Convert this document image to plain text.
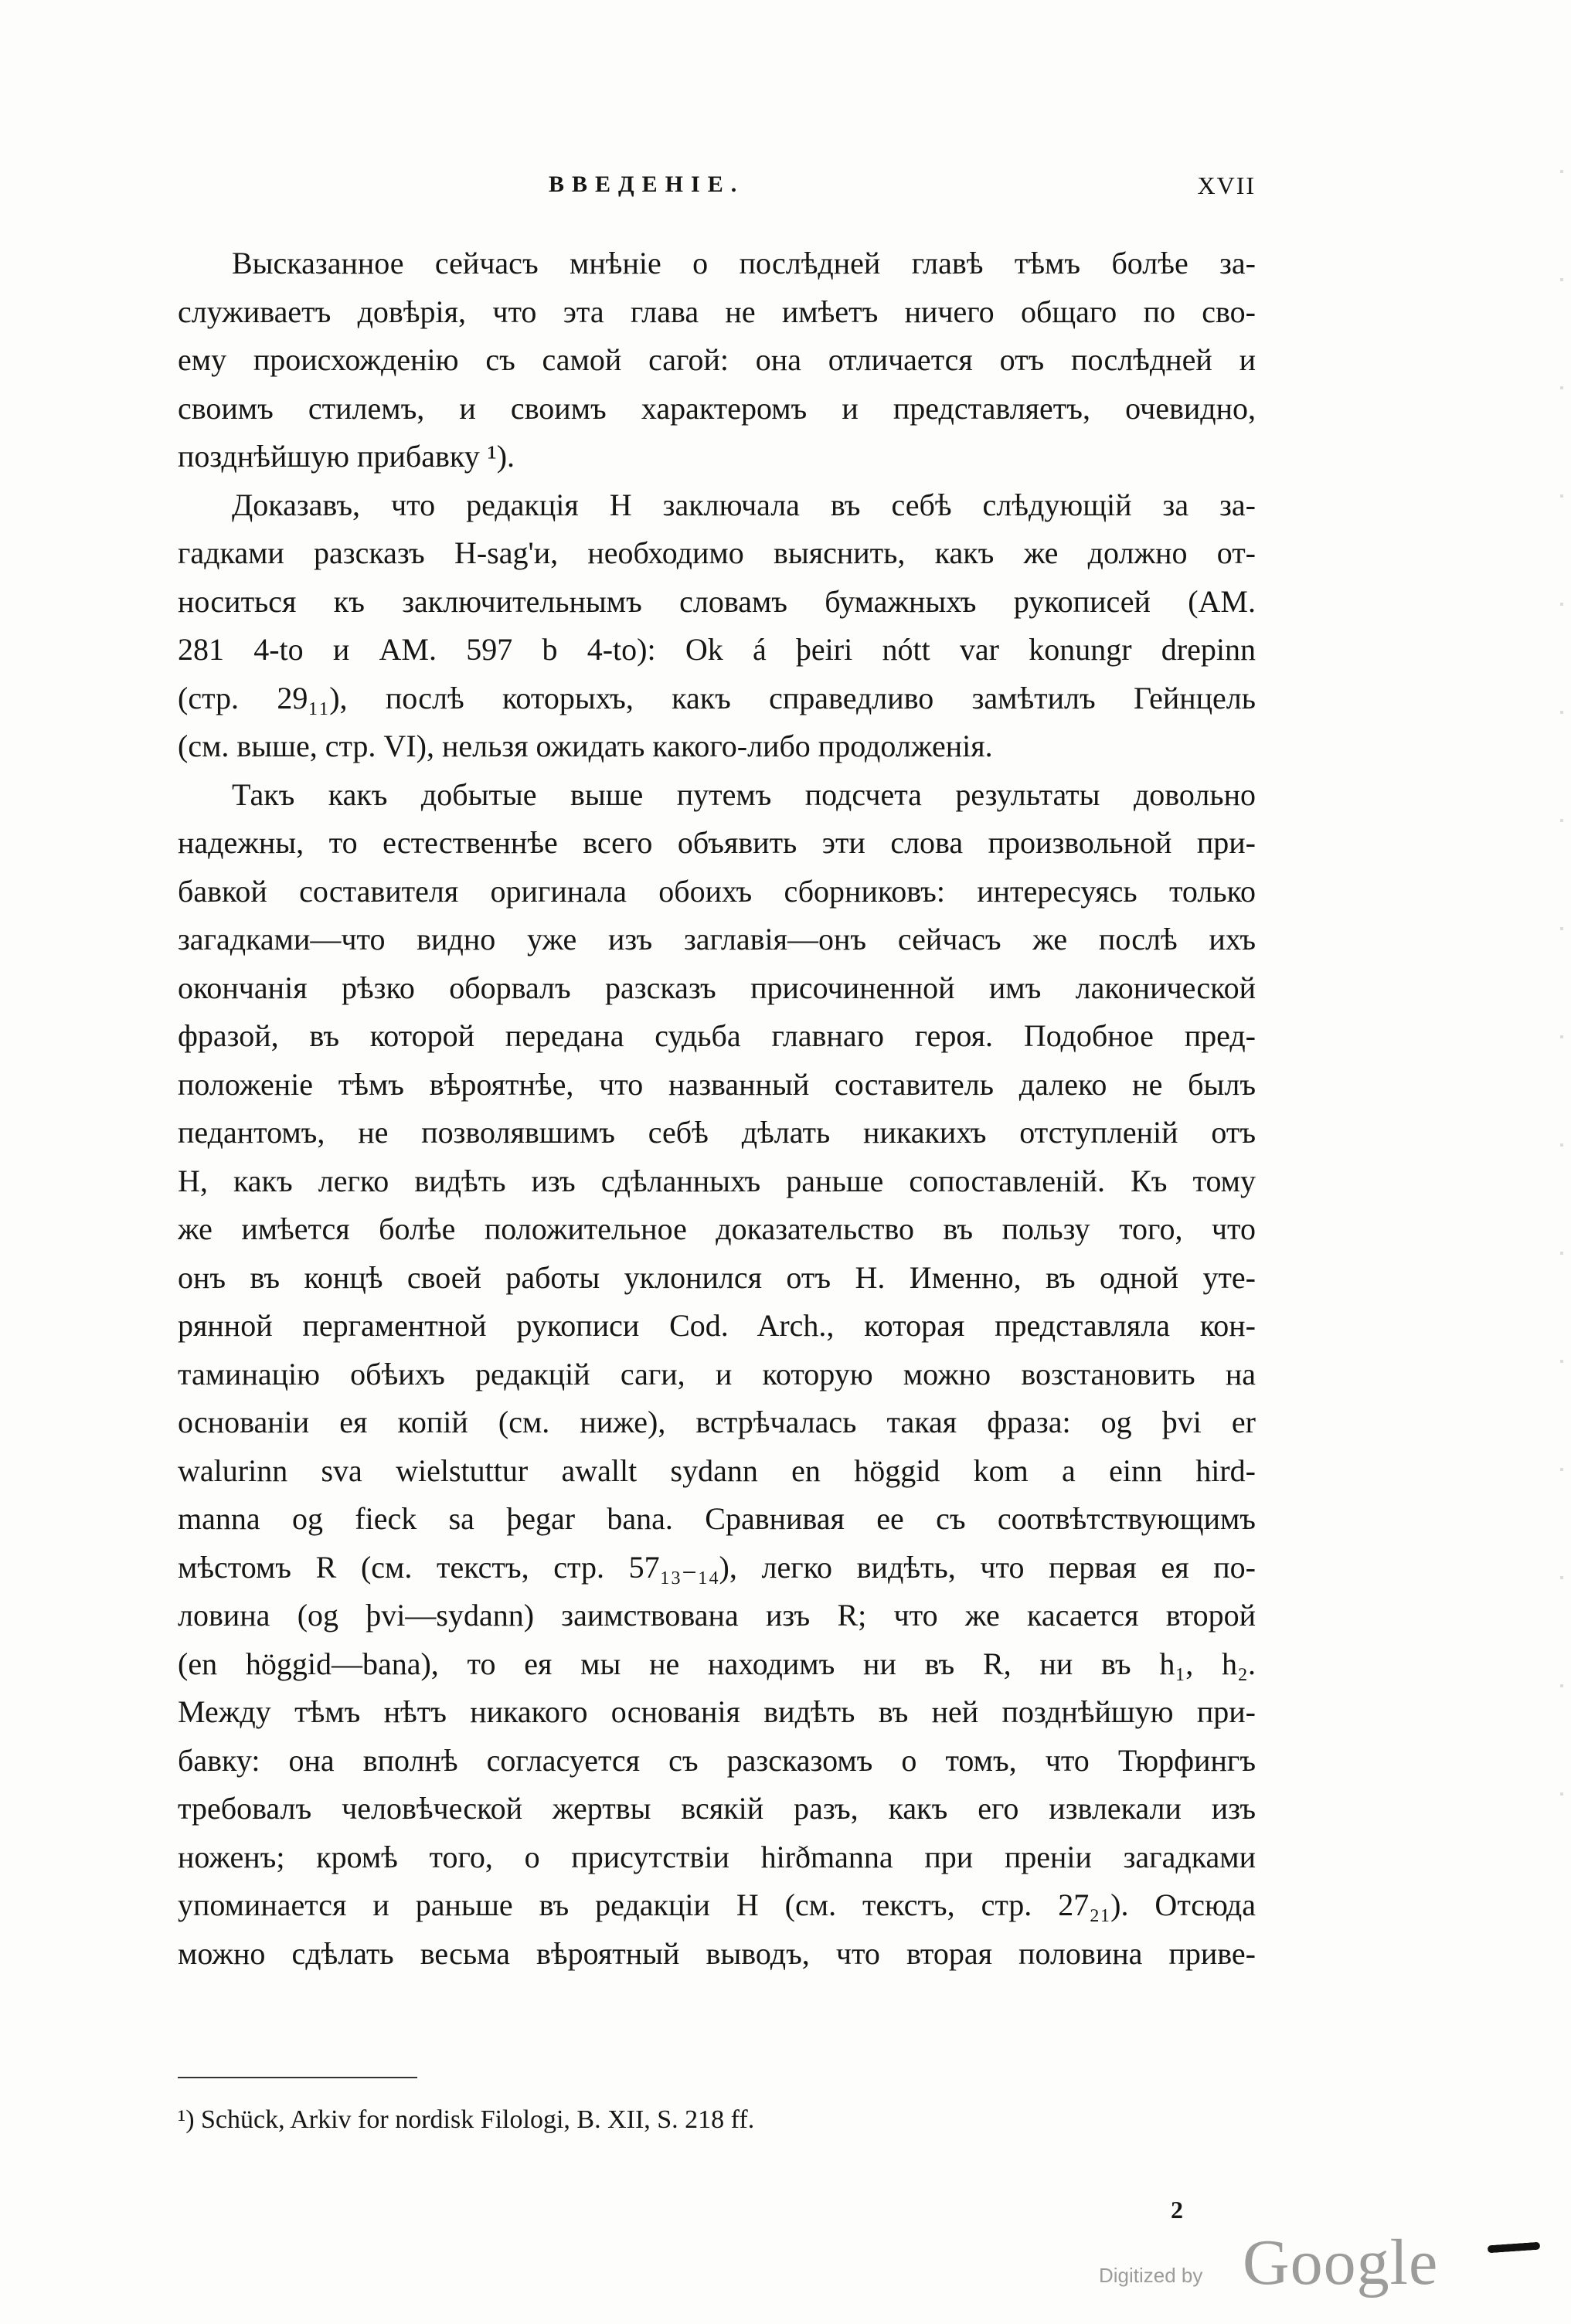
ВВЕДЕНІЕ.	XVII
Высказанное сейчасъ мнѣніе о послѣдней главѣ тѣмъ болѣе за-
служиваетъ довѣрія, что эта глава не имѣетъ ничего общаго по сво-
ему происхожденію съ самой сагой: она отличается отъ послѣдней и
своимъ стилемъ, и своимъ характеромъ и представляетъ, очевидно,
позднѣйшую прибавку ¹).
Доказавъ, что редакція H заключала въ себѣ слѣдующій за за-
гадками разсказъ H-sag'и, необходимо выяснить, какъ же должно от-
носиться къ заключительнымъ словамъ бумажныхъ рукописей (AM.
281 4-to и AM. 597 b 4-to): Ok á þeiri nótt var konungr drepinn
(стр. 29₁₁), послѣ которыхъ, какъ справедливо замѣтилъ Гейнцель
(см. выше, стр. VI), нельзя ожидать какого-либо продолженія.
Такъ какъ добытые выше путемъ подсчета результаты довольно
надежны, то естественнѣе всего объявить эти слова произвольной при-
бавкой составителя оригинала обоихъ сборниковъ: интересуясь только
загадками—что видно уже изъ заглавія—онъ сейчасъ же послѣ ихъ
окончанія рѣзко оборвалъ разсказъ присочиненной имъ лаконической
фразой, въ которой передана судьба главнаго героя. Подобное пред-
положеніе тѣмъ вѣроятнѣе, что названный составитель далеко не былъ
педантомъ, не позволявшимъ себѣ дѣлать никакихъ отступленій отъ
H, какъ легко видѣть изъ сдѣланныхъ раньше сопоставленій. Къ тому
же имѣется болѣе положительное доказательство въ пользу того, что
онъ въ концѣ своей работы уклонился отъ H. Именно, въ одной уте-
рянной пергаментной рукописи Cod. Arch., которая представляла кон-
таминацію обѣихъ редакцій саги, и которую можно возстановить на
основаніи ея копій (см. ниже), встрѣчалась такая фраза: og þvi er
walurinn sva wielstuttur awallt sydann en höggid kom a einn hird-
manna og fieck sa þegar bana. Сравнивая ее съ соотвѣтствующимъ
мѣстомъ R (см. текстъ, стр. 57₁₃₋₁₄), легко видѣть, что первая ея по-
ловина (og þvi—sydann) заимствована изъ R; что же касается второй
(en höggid—bana), то ея мы не находимъ ни въ R, ни въ h₁, h₂.
Между тѣмъ нѣтъ никакого основанія видѣть въ ней позднѣйшую при-
бавку: она вполнѣ согласуется съ разсказомъ о томъ, что Тюрфингъ
требовалъ человѣческой жертвы всякій разъ, какъ его извлекали изъ
ноженъ; кромѣ того, о присутствіи hirðmanna при преніи загадками
упоминается и раньше въ редакціи H (см. текстъ, стр. 27₂₁). Отсюда
можно сдѣлать весьма вѣроятный выводъ, что вторая половина приве-
¹) Schück, Arkiv for nordisk Filologi, B. XII, S. 218 ff.
2
Digitized by Google
